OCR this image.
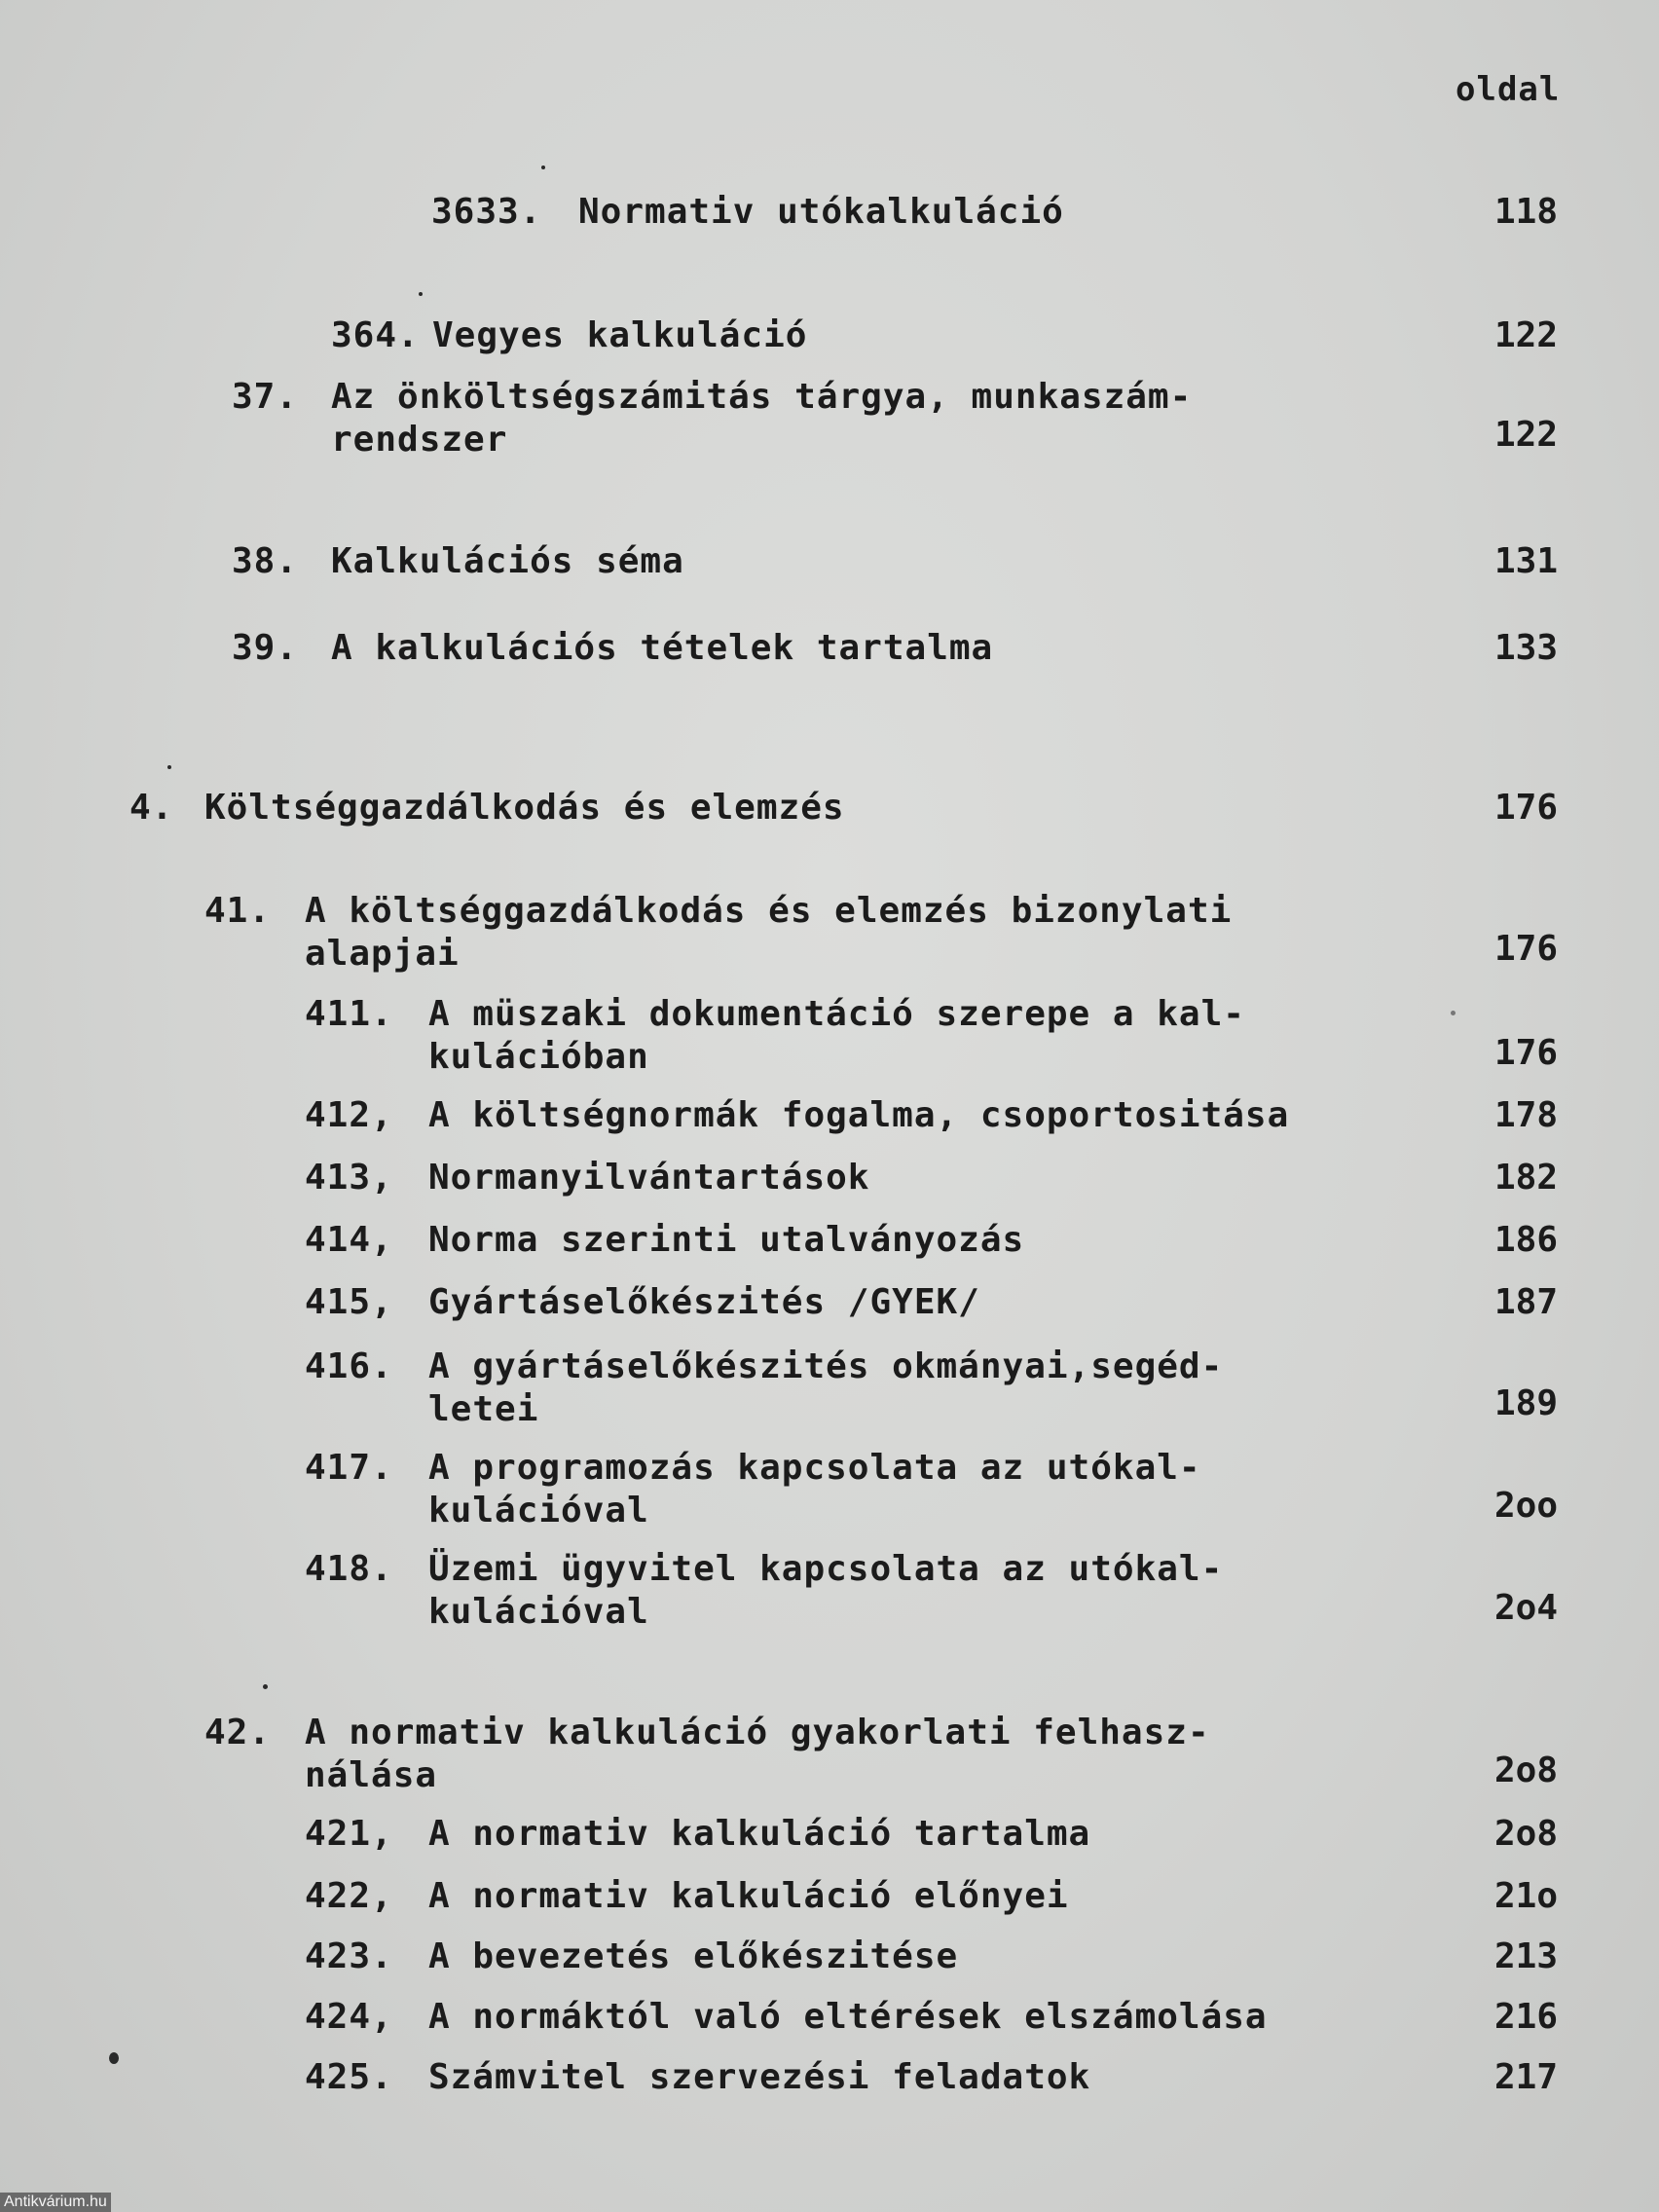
oldal
3633. Normativ utókalkuláció	118
364. Vegyes kalkuláció	122
37. Az önköltségszámitás tárgya, munkaszám-
rendszer	122
38. Kalkulációs séma	131
39. A kalkulációs tételek tartalma	133
4. Költséggazdálkodás és elemzés	176
41. A költséggazdálkodás és elemzés bizonylati
alapjai	176
411. A müszaki dokumentáció szerepe a kal-
kulációban	176
412, A költségnormák fogalma, csoportositása	178
413, Normanyilvántartások	182
414, Norma szerinti utalványozás	186
415, Gyártáselőkészités /GYEK/	187
416. A gyártáselőkészités okmányai,segéd-
letei	189
417. A programozás kapcsolata az utókal-
kulációval	2oo
418. Üzemi ügyvitel kapcsolata az utókal-
kulációval	2o4
42. A normativ kalkuláció gyakorlati felhasz-
nálása	2o8
421, A normativ kalkuláció tartalma	2o8
422, A normativ kalkuláció előnyei	21o
423. A bevezetés előkészitése	213
424, A normáktól való eltérések elszámolása	216
425. Számvitel szervezési feladatok	217
Antikvárium.hu
